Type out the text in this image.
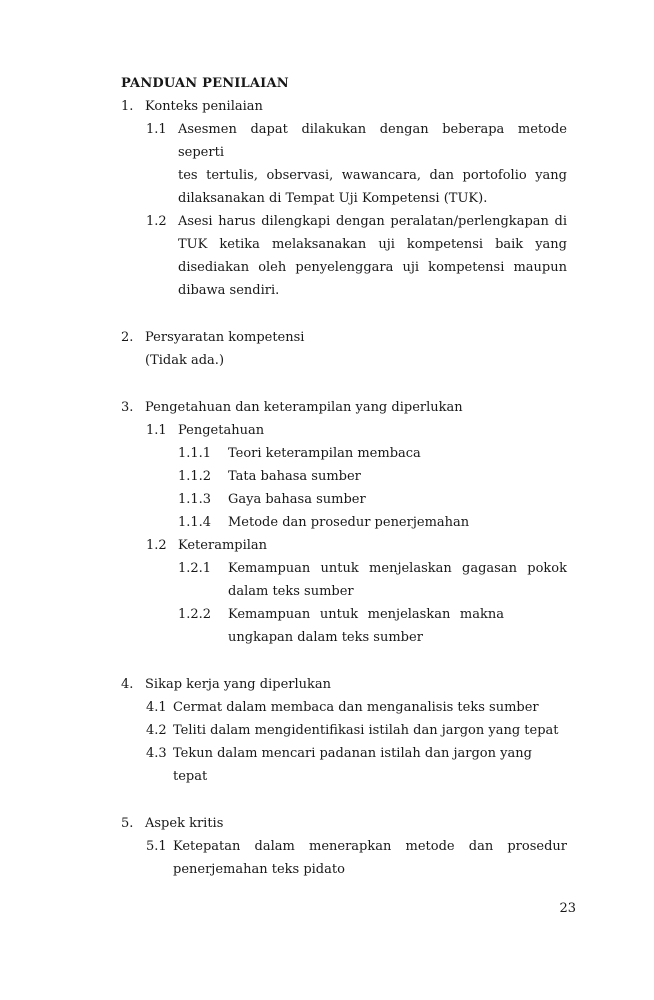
PANDUAN PENILAIAN
1. Konteks penilaian
1.1 Asesmen dapat dilakukan dengan beberapa metode seperti
tes tertulis, observasi, wawancara, dan portofolio yang
dilaksanakan di Tempat Uji Kompetensi (TUK).
1.2 Asesi harus dilengkapi dengan peralatan/perlengkapan di
TUK ketika melaksanakan uji kompetensi baik yang
disediakan oleh penyelenggara uji kompetensi maupun
dibawa sendiri.
2. Persyaratan kompetensi
(Tidak ada.)
3. Pengetahuan dan keterampilan yang diperlukan
1.1 Pengetahuan
1.1.1	Teori keterampilan membaca
1.1.2	Tata bahasa sumber
1.1.3	Gaya bahasa sumber
1.1.4	Metode dan prosedur penerjemahan
1.2 Keterampilan
1.2.1	Kemampuan untuk menjelaskan gagasan pokok
dalam teks sumber
1.2.2	Kemampuan untuk menjelaskan makna
ungkapan dalam teks sumber
4. Sikap kerja yang diperlukan
4.1 Cermat dalam membaca dan menganalisis teks sumber
4.2 Teliti dalam mengidentifikasi istilah dan jargon yang tepat
4.3 Tekun dalam mencari padanan istilah dan jargon yang tepat
5. Aspek kritis
5.1 Ketepatan dalam menerapkan metode dan prosedur
penerjemahan teks pidato
23
